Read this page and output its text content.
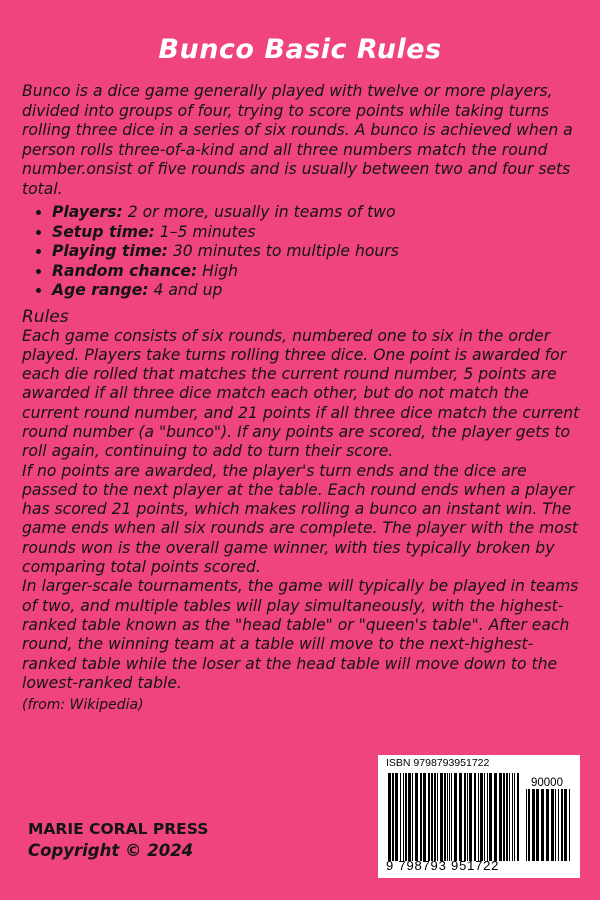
Bunco Basic Rules

Bunco is a dice game generally played with twelve or more players, divided into groups of four, trying to score points while taking turns rolling three dice in a series of six rounds. A bunco is achieved when a person rolls three-of-a-kind and all three numbers match the round number.onsist of five rounds and is usually between two and four sets total.

• Players: 2 or more, usually in teams of two
• Setup time: 1–5 minutes
• Playing time: 30 minutes to multiple hours
• Random chance: High
• Age range: 4 and up
Rules

Each game consists of six rounds, numbered one to six in the order played. Players take turns rolling three dice. One point is awarded for each die rolled that matches the current round number, 5 points are awarded if all three dice match each other, but do not match the current round number, and 21 points if all three dice match the current round number (a "bunco"). If any points are scored, the player gets to roll again, continuing to add to turn their score.

If no points are awarded, the player's turn ends and the dice are passed to the next player at the table. Each round ends when a player has scored 21 points, which makes rolling a bunco an instant win. The game ends when all six rounds are complete. The player with the most rounds won is the overall game winner, with ties typically broken by comparing total points scored.

In larger-scale tournaments, the game will typically be played in teams of two, and multiple tables will play simultaneously, with the highest-ranked table known as the "head table" or "queen's table". After each round, the winning team at a table will move to the next-highest-ranked table while the loser at the head table will move down to the lowest-ranked table.

(from: Wikipedia)
MARIE CORAL PRESS
Copyright © 2024
ISBN 9798793951722
90000
9 798793 951722
